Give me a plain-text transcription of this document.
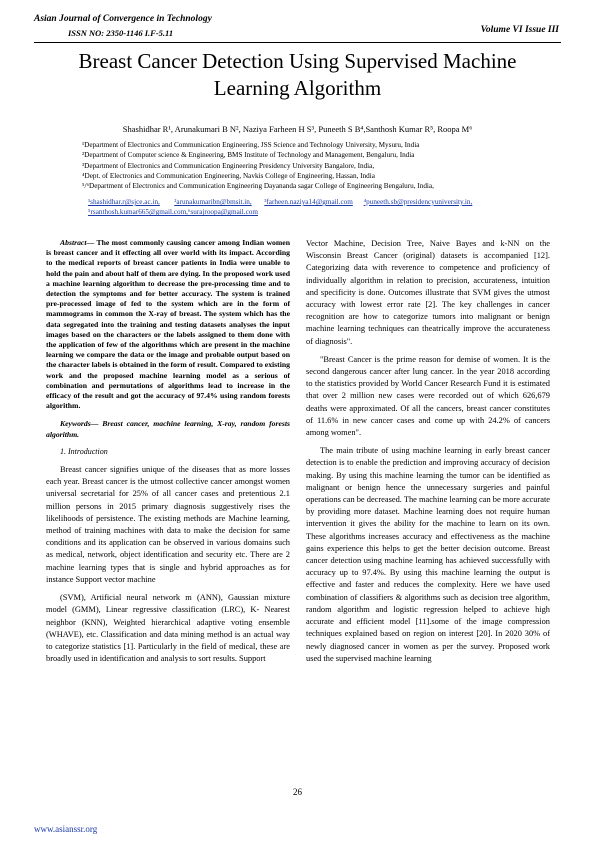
Asian Journal of Convergence in Technology
ISSN NO: 2350-1146 I.F-5.11	Volume VI Issue III
Breast Cancer Detection Using Supervised Machine Learning Algorithm
Shashidhar R¹, Arunakumari B N², Naziya Farheen H S³, Puneeth S B⁴,Santhosh Kumar R⁵, Roopa M⁶
¹Department of Electronics and Communication Engineering, JSS Science and Technology University, Mysuru, India
²Department of Computer science & Engineering, BMS Institute of Technology and Management, Bengaluru, India
³Department of Electronics and Communication Engineering Presidency University Bangalore, India,
⁴Dept. of Electronics and Communication Engineering, Navkis College of Engineering, Hassan, India
⁵/⁶Department of Electronics and Communication Engineering Dayananda sagar College of Engineering Bengaluru, India,
¹shashidhar.r@sjce.ac.in, ²arunakumaribn@bmsit.in, ³farheen.naziya14@gmail.com ⁴puneeth.sb@presidencyuniversity.in,
⁵rsanthosh.kumar665@gmail.com,⁶surajroopa@gmail.com

Abstract— The most commonly causing cancer among Indian women is breast cancer and it effecting all over world with its impact. According to the medical reports of breast cancer patients in India were unable to hold the pain and about half of them are dying. In the proposed work used a machine learning algorithm to decrease the pre-processing time and to detection the symptoms and for better accuracy. The system is trained pre-processed image of fed to the system which are in the form of mammograms in common the X-ray of breast. The system which has the data segregated into the training and testing datasets analyses the input images based on the characters or the labels assigned to them done with the application of few of the algorithms which are present in the machine learning we compare the data or the image and probable output based on the character labels is obtained in the form of result. Compared to existing work and the proposed machine learning model as a serious of combination and permutations of algorithms lead to increase in the efficacy of the result and got the accuracy of 97.4% using random forests algorithm.

Keywords— Breast cancer, machine learning, X-ray, random forests algorithm.

1. Introduction

Breast cancer signifies unique of the diseases that as more losses each year. Breast cancer is the utmost collective cancer amongst women universal secretarial for 25% of all cancer cases and pretentious 2.1 million persons in 2015 primary diagnosis suggestively rises the likelihoods of persistence. The existing methods are Machine learning, method of training machines with data to make the decision for same conditions and its application can be observed in various domains such as medical, network, object identification and security etc. There are 2 machine learning types that is single and hybrid approaches as for instance Support vector machine

(SVM), Artificial neural network m (ANN), Gaussian mixture model (GMM), Linear regressive classification (LRC), K- Nearest neighbor (KNN), Weighted hierarchical adaptive voting ensemble (WHAVE), etc. Classification and data mining method is an actual way to categorize statistics [1]. Particularly in the field of medical, these are broadly used in identification and analysis to sort results. Support

Vector Machine, Decision Tree, Naive Bayes and k-NN on the Wisconsin Breast Cancer (original) datasets is accompanied [12]. Categorizing data with reverence to competence and proficiency of individually algorithm in relation to precision, accurateness, intuition and specificity is done. Outcomes illustrate that SVM gives the utmost accuracy with lowest error rate [2]. The key challenges in cancer recognition are how to categorize tumors into malignant or benign machine learning techniques can theatrically improve the accurateness of diagnosis".

"Breast Cancer is the prime reason for demise of women. It is the second dangerous cancer after lung cancer. In the year 2018 according to the statistics provided by World Cancer Research Fund it is estimated that over 2 million new cases were recorded out of which 626,679 deaths were approximated. Of all the cancers, breast cancer constitutes of 11.6% in new cancer cases and come up with 24.2% of cancers among women".

The main tribute of using machine learning in early breast cancer detection is to enable the prediction and improving accuracy of decision making. By using this machine learning the tumor can be identified as malignant or benign hence the unnecessary surgeries and painful operations can be decreased. The machine learning can be more accurate by providing more dataset. Machine learning does not require human intervention it gives the ability for the machine to learn on its own. These algorithms increases accuracy and effectiveness as the machine gains experience this helps to get the better decision outcome. Breast cancer detection using machine learning has achieved successfully with accuracy up to 97.4%. By using this machine learning the output is effective and faster and reduces the complexity. Here we have used combination of classifiers & algorithms such as decision tree algorithm, random algorithm and logistic regression helped to achieve high accurate and efficient model [11].some of the image compression techniques explained based on region on interest [20]. In 2020 30% of newly diagnosed cancer in women as per the survey. Proposed work used the supervised machine learning

26
www.asianssr.org
